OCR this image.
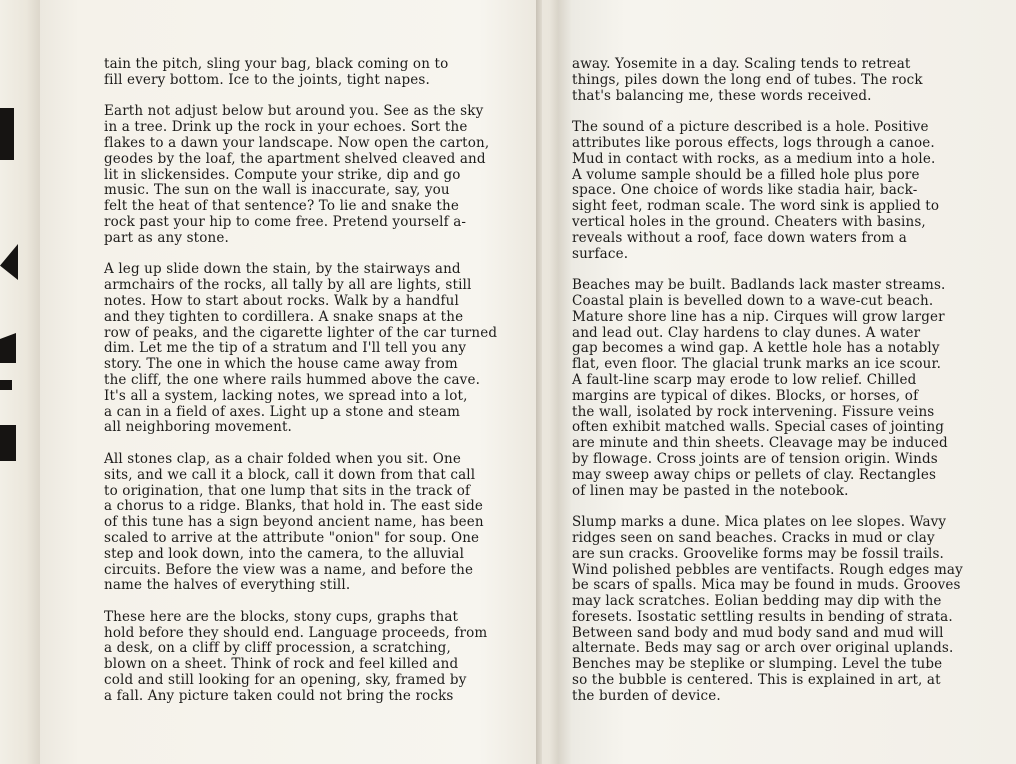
tain the pitch, sling your bag, black coming on to
fill every bottom. Ice to the joints, tight napes.
Earth not adjust below but around you. See as the sky
in a tree. Drink up the rock in your echoes. Sort the
flakes to a dawn your landscape. Now open the carton,
geodes by the loaf, the apartment shelved cleaved and
lit in slickensides. Compute your strike, dip and go
music. The sun on the wall is inaccurate, say, you
felt the heat of that sentence? To lie and snake the
rock past your hip to come free. Pretend yourself a-
part as any stone.
A leg up slide down the stain, by the stairways and
armchairs of the rocks, all tally by all are lights, still
notes. How to start about rocks. Walk by a handful
and they tighten to cordillera. A snake snaps at the
row of peaks, and the cigarette lighter of the car turned
dim. Let me the tip of a stratum and I'll tell you any
story. The one in which the house came away from
the cliff, the one where rails hummed above the cave.
It's all a system, lacking notes, we spread into a lot,
a can in a field of axes. Light up a stone and steam
all neighboring movement.
All stones clap, as a chair folded when you sit. One
sits, and we call it a block, call it down from that call
to origination, that one lump that sits in the track of
a chorus to a ridge. Blanks, that hold in. The east side
of this tune has a sign beyond ancient name, has been
scaled to arrive at the attribute "onion" for soup. One
step and look down, into the camera, to the alluvial
circuits. Before the view was a name, and before the
name the halves of everything still.
These here are the blocks, stony cups, graphs that
hold before they should end. Language proceeds, from
a desk, on a cliff by cliff procession, a scratching,
blown on a sheet. Think of rock and feel killed and
cold and still looking for an opening, sky, framed by
a fall. Any picture taken could not bring the rocks
away. Yosemite in a day. Scaling tends to retreat
things, piles down the long end of tubes. The rock
that's balancing me, these words received.
The sound of a picture described is a hole. Positive
attributes like porous effects, logs through a canoe.
Mud in contact with rocks, as a medium into a hole.
A volume sample should be a filled hole plus pore
space. One choice of words like stadia hair, back-
sight feet, rodman scale. The word sink is applied to
vertical holes in the ground. Cheaters with basins,
reveals without a roof, face down waters from a
surface.
Beaches may be built. Badlands lack master streams.
Coastal plain is bevelled down to a wave-cut beach.
Mature shore line has a nip. Cirques will grow larger
and lead out. Clay hardens to clay dunes. A water
gap becomes a wind gap. A kettle hole has a notably
flat, even floor. The glacial trunk marks an ice scour.
A fault-line scarp may erode to low relief. Chilled
margins are typical of dikes. Blocks, or horses, of
the wall, isolated by rock intervening. Fissure veins
often exhibit matched walls. Special cases of jointing
are minute and thin sheets. Cleavage may be induced
by flowage. Cross joints are of tension origin. Winds
may sweep away chips or pellets of clay. Rectangles
of linen may be pasted in the notebook.
Slump marks a dune. Mica plates on lee slopes. Wavy
ridges seen on sand beaches. Cracks in mud or clay
are sun cracks. Groovelike forms may be fossil trails.
Wind polished pebbles are ventifacts. Rough edges may
be scars of spalls. Mica may be found in muds. Grooves
may lack scratches. Eolian bedding may dip with the
foresets. Isostatic settling results in bending of strata.
Between sand body and mud body sand and mud will
alternate. Beds may sag or arch over original uplands.
Benches may be steplike or slumping. Level the tube
so the bubble is centered. This is explained in art, at
the burden of device.
